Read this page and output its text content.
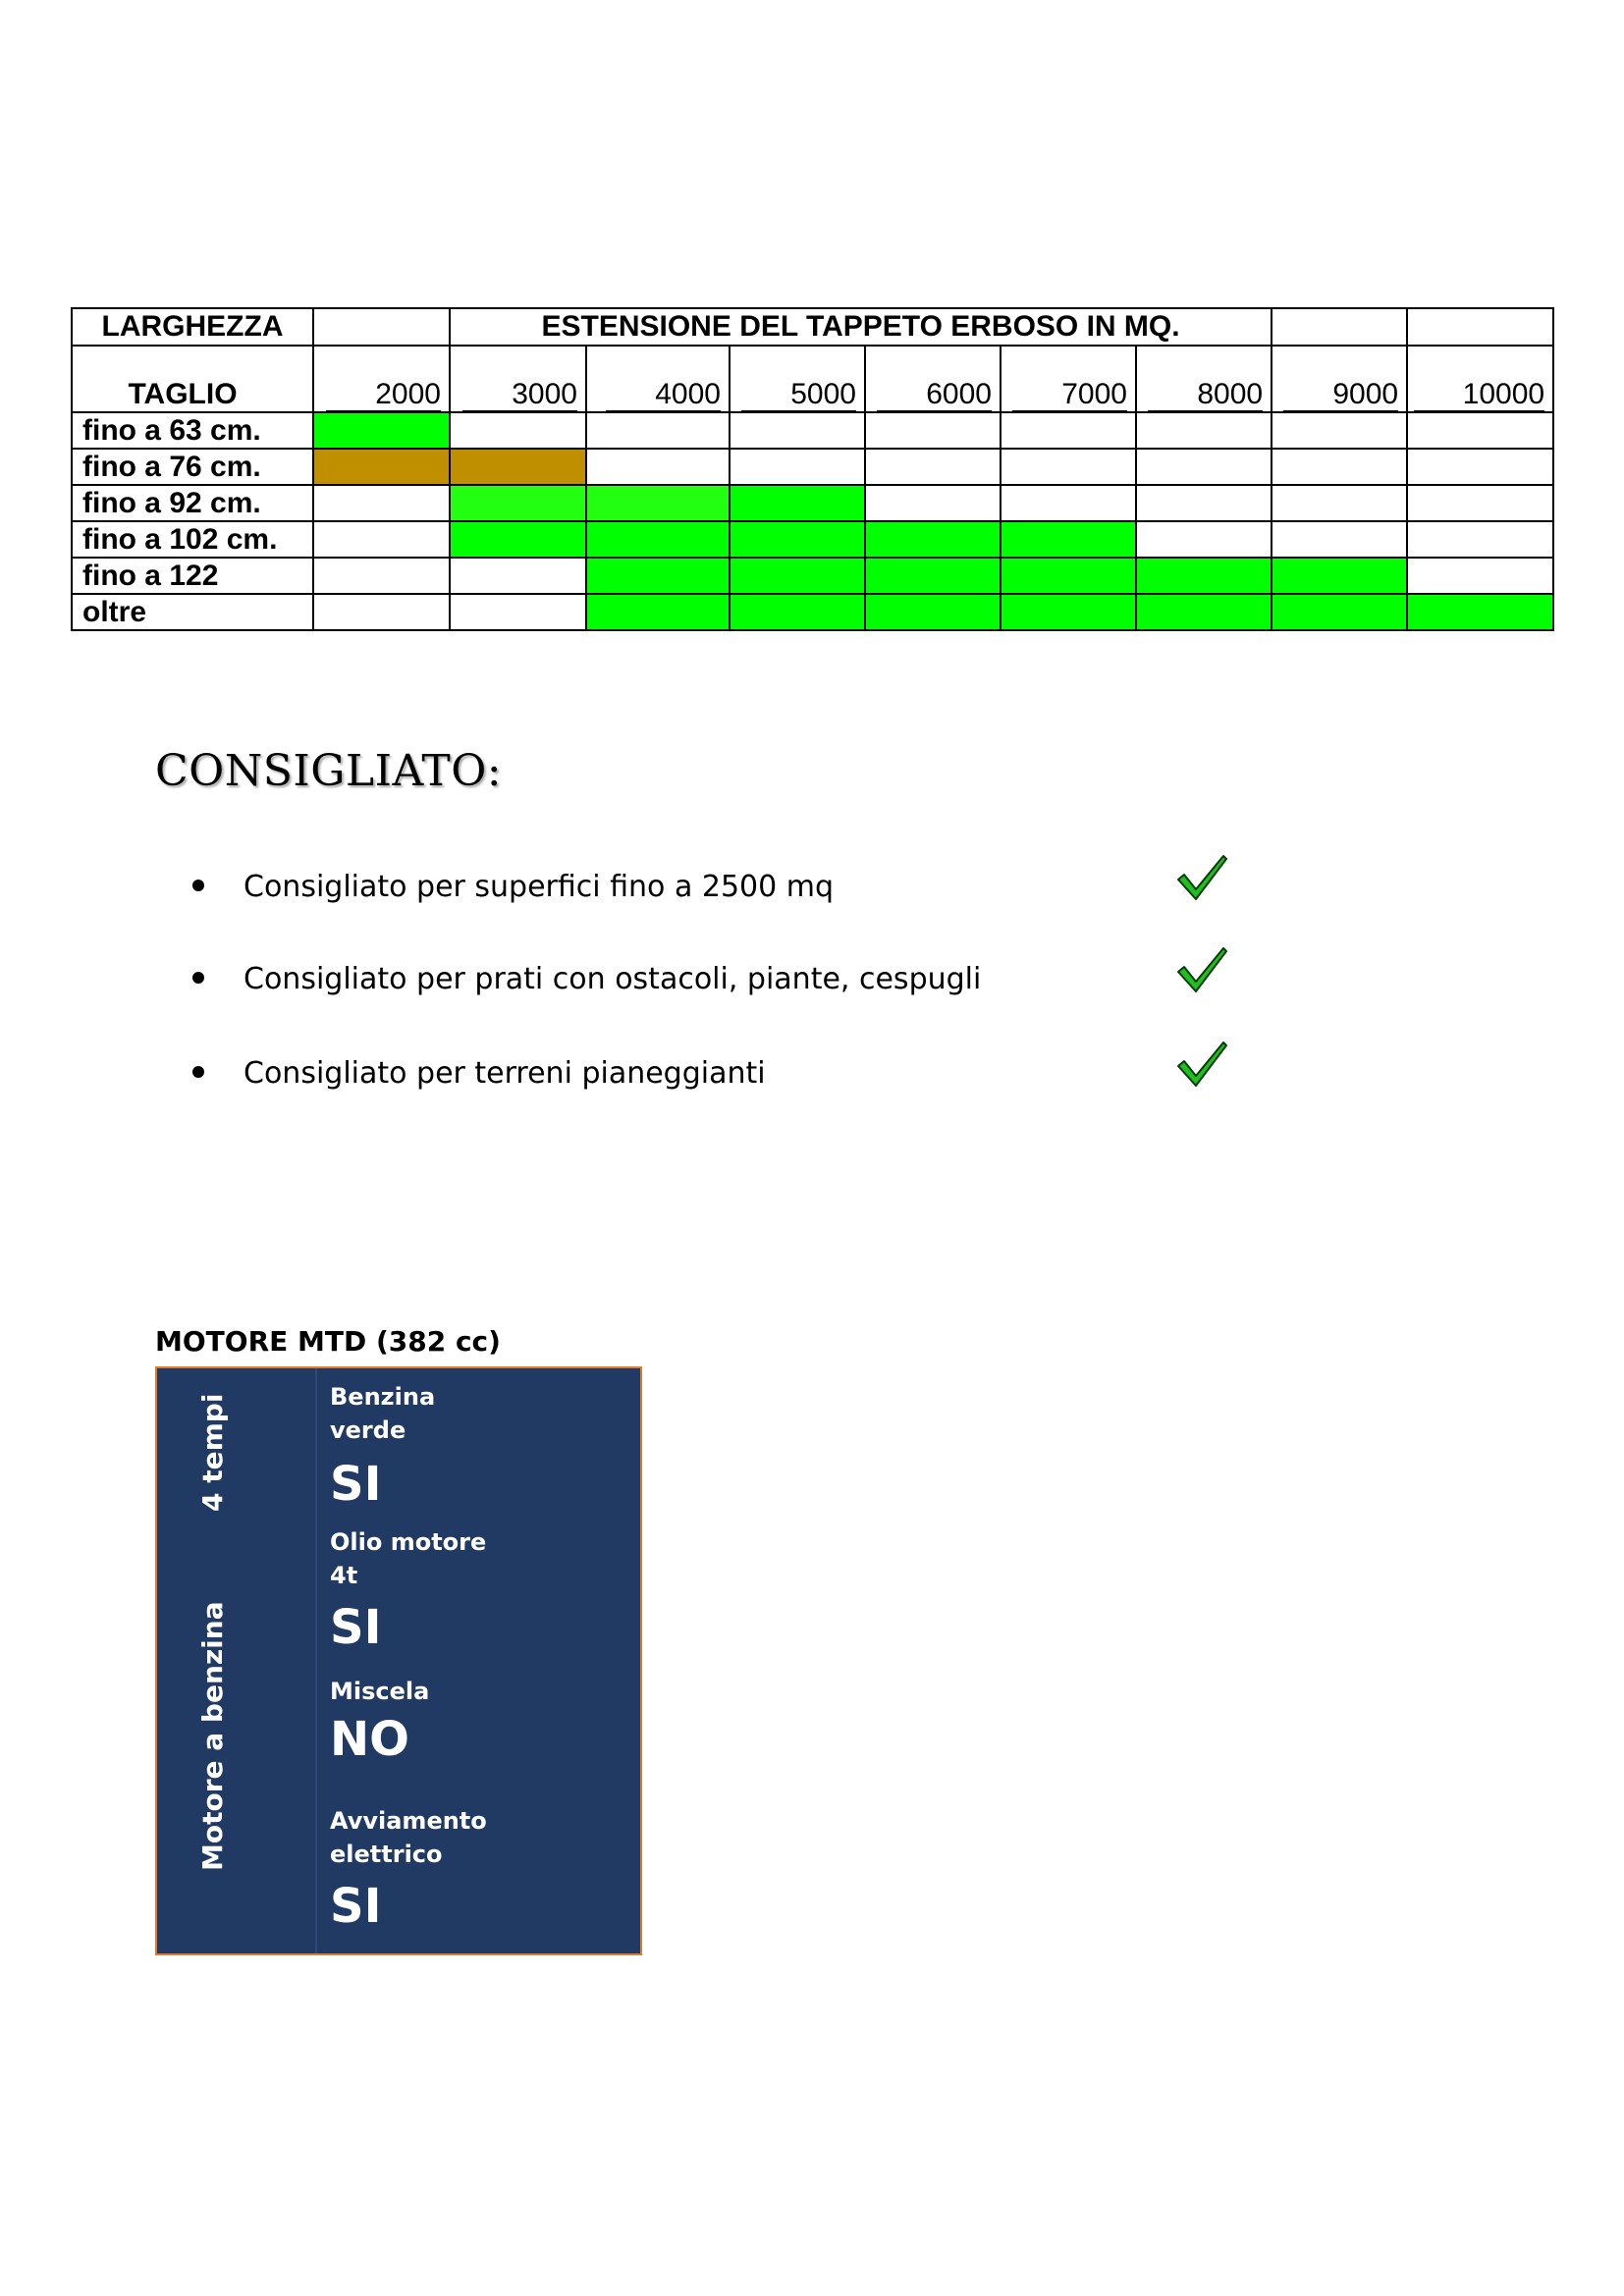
LARGHEZZA		ESTENSIONE DEL TAPPETO ERBOSO IN MQ.							
TAGLIO	2000	3000	4000	5000	6000	7000	8000	9000	10000
fino a 63 cm.									
fino a 76 cm.									
fino a 92 cm.									
fino a 102 cm.									
fino a 122									
oltre									
CONSIGLIATO:
Consigliato per superfici fino a 2500 mq
Consigliato per prati con ostacoli, piante, cespugli
Consigliato per terreni pianeggianti
MOTORE MTD (382 cc)
4 tempi
Motore a benzina
Benzina verde
SI
Olio motore 4t
SI
Miscela
NO
Avviamento elettrico
SI
